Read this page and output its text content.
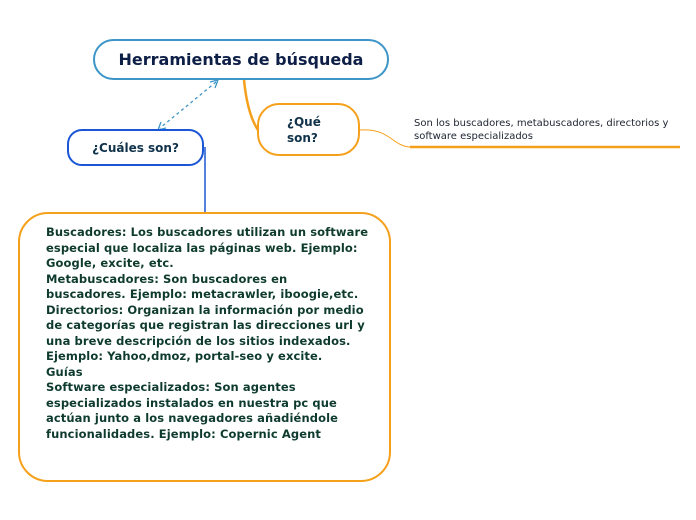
Herramientas de búsqueda
¿Cuáles son?
¿Qué
son?
Son los buscadores, metabuscadores, directorios y software especializados
Buscadores: Los buscadores utilizan un software especial que localiza las páginas web. Ejemplo: Google, excite, etc.
Metabuscadores: Son buscadores en buscadores. Ejemplo: metacrawler, iboogie,etc.
Directorios: Organizan la información por medio de categorías que registran las direcciones url y una breve descripción de los sitios indexados. Ejemplo: Yahoo,dmoz, portal-seo y excite.
Guías
Software especializados: Son agentes especializados instalados en nuestra pc que actúan junto a los navegadores añadiéndole funcionalidades. Ejemplo: Copernic Agent
